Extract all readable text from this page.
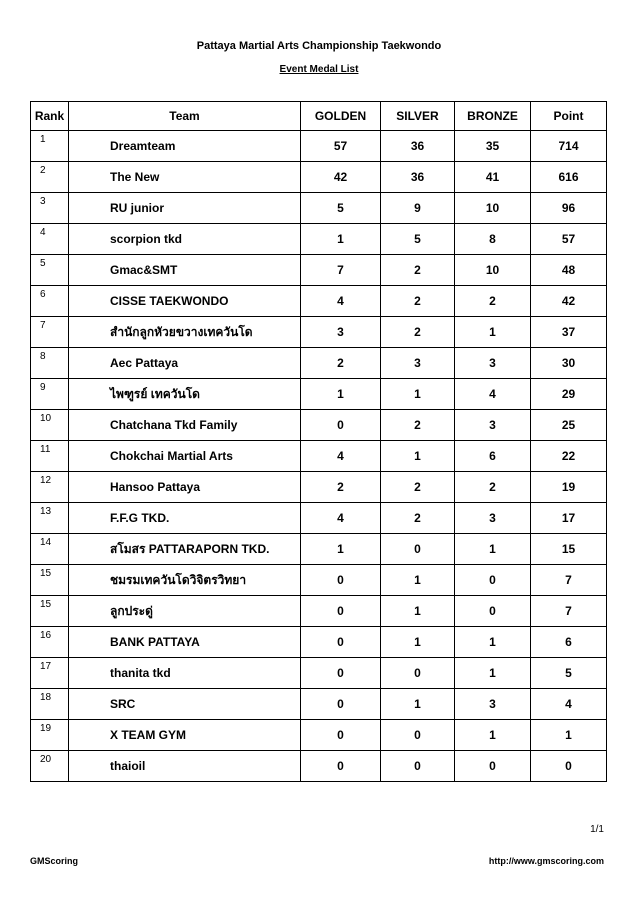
Pattaya Martial Arts Championship Taekwondo
Event Medal List
Rank	Team	GOLDEN	SILVER	BRONZE	Point
1	Dreamteam	57	36	35	714
2	The New	42	36	41	616
3	RU junior	5	9	10	96
4	scorpion tkd	1	5	8	57
5	Gmac&SMT	7	2	10	48
6	CISSE TAEKWONDO	4	2	2	42
7	สำนักลูกหัวยขวางเทควันโด	3	2	1	37
8	Aec Pattaya	2	3	3	30
9	ไพฑูรย์ เทควันโด	1	1	4	29
10	Chatchana Tkd Family	0	2	3	25
11	Chokchai Martial Arts	4	1	6	22
12	Hansoo Pattaya	2	2	2	19
13	F.F.G TKD.	4	2	3	17
14	สโมสร PATTARAPORN TKD.	1	0	1	15
15	ชมรมเทควันโดวิจิตรวิทยา	0	1	0	7
15	ลูกประดู่	0	1	0	7
16	BANK PATTAYA	0	1	1	6
17	thanita tkd	0	0	1	5
18	SRC	0	1	3	4
19	X TEAM GYM	0	0	1	1
20	thaioil	0	0	0	0
1/1
GMScoring	http://www.gmscoring.com
